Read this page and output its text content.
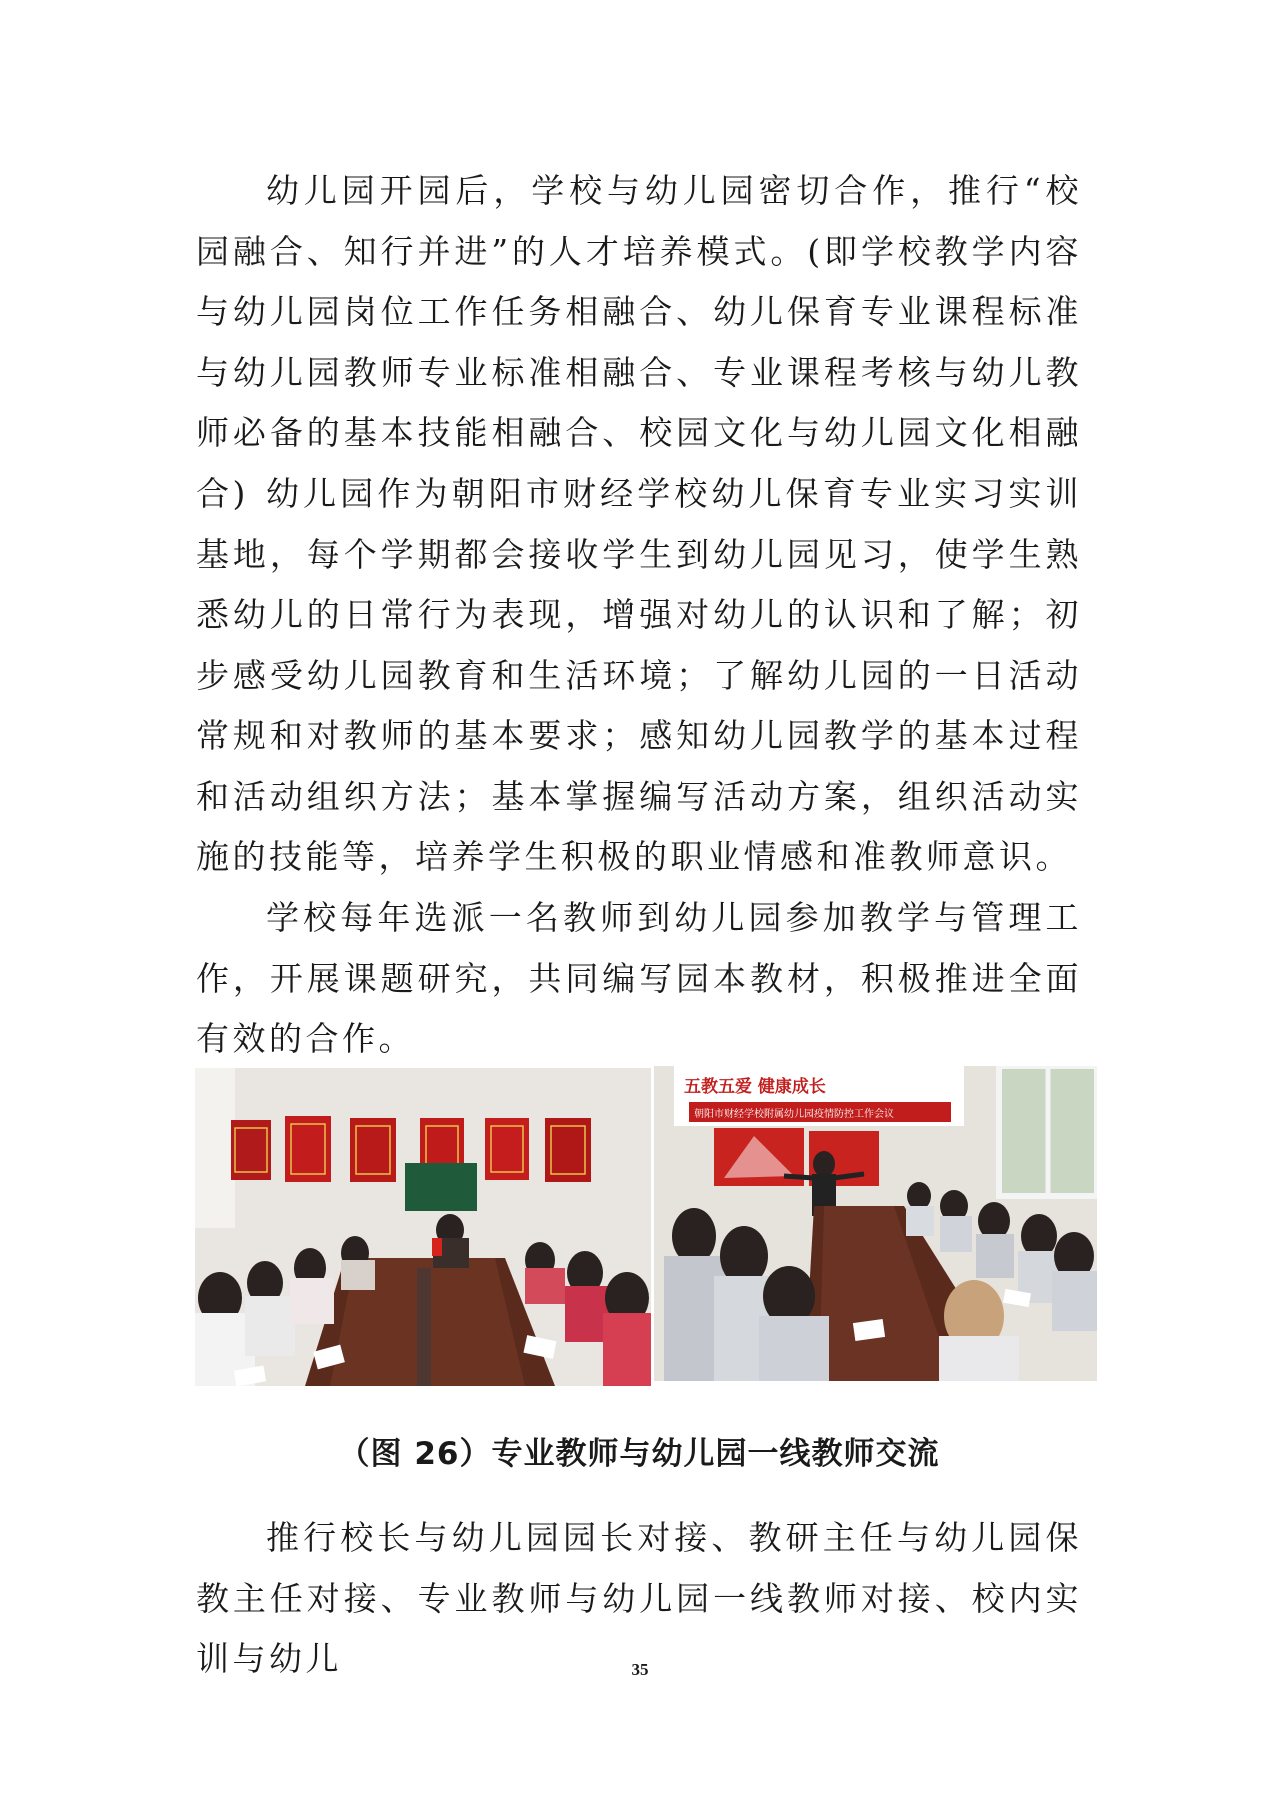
幼儿园开园后，学校与幼儿园密切合作，推行“校园融合、知行并进”的人才培养模式。(即学校教学内容与幼儿园岗位工作任务相融合、幼儿保育专业课程标准与幼儿园教师专业标准相融合、专业课程考核与幼儿教师必备的基本技能相融合、校园文化与幼儿园文化相融合) 幼儿园作为朝阳市财经学校幼儿保育专业实习实训基地，每个学期都会接收学生到幼儿园见习，使学生熟悉幼儿的日常行为表现，增强对幼儿的认识和了解；初步感受幼儿园教育和生活环境；了解幼儿园的一日活动常规和对教师的基本要求；感知幼儿园教学的基本过程和活动组织方法；基本掌握编写活动方案，组织活动实施的技能等，培养学生积极的职业情感和准教师意识。

学校每年选派一名教师到幼儿园参加教学与管理工作，开展课题研究，共同编写园本教材，积极推进全面有效的合作。

五教五爱 健康成长
朝阳市财经学校附属幼儿园疫情防控工作会议

（图 26）专业教师与幼儿园一线教师交流

推行校长与幼儿园园长对接、教研主任与幼儿园保教主任对接、专业教师与幼儿园一线教师对接、校内实训与幼儿	35
